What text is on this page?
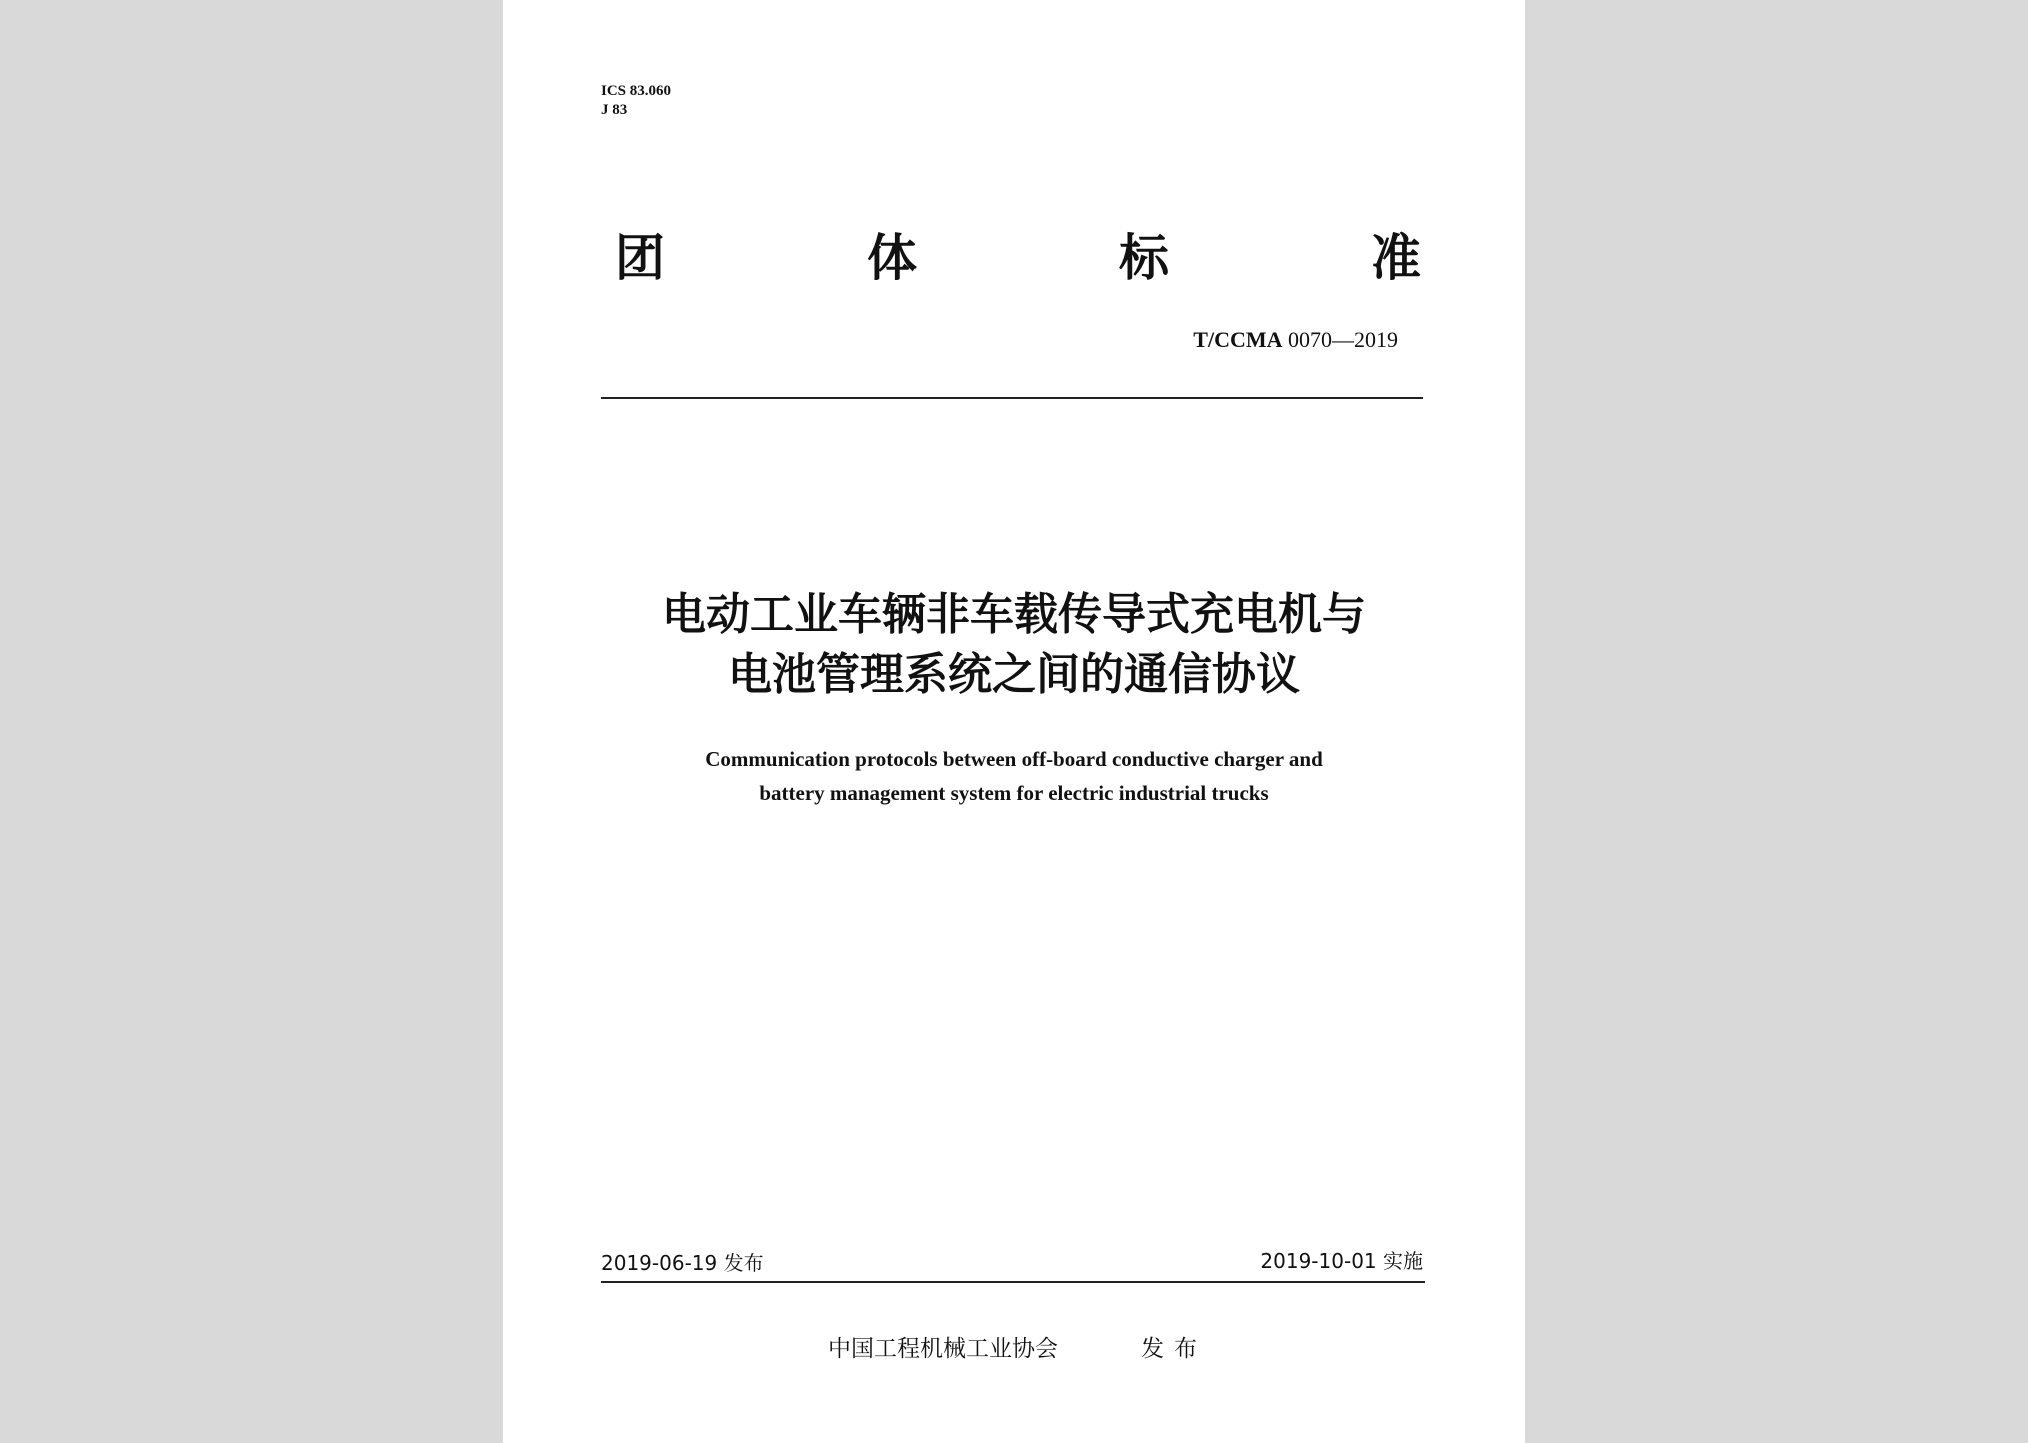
ICS 83.060
J 83
团	体	标	准
T/CCMA 0070—2019
电动工业车辆非车载传导式充电机与
电池管理系统之间的通信协议
Communication protocols between off-board conductive charger and
battery management system for electric industrial trucks
2019-06-19 发布	2019-10-01 实施
中国工程机械工业协会	发布
